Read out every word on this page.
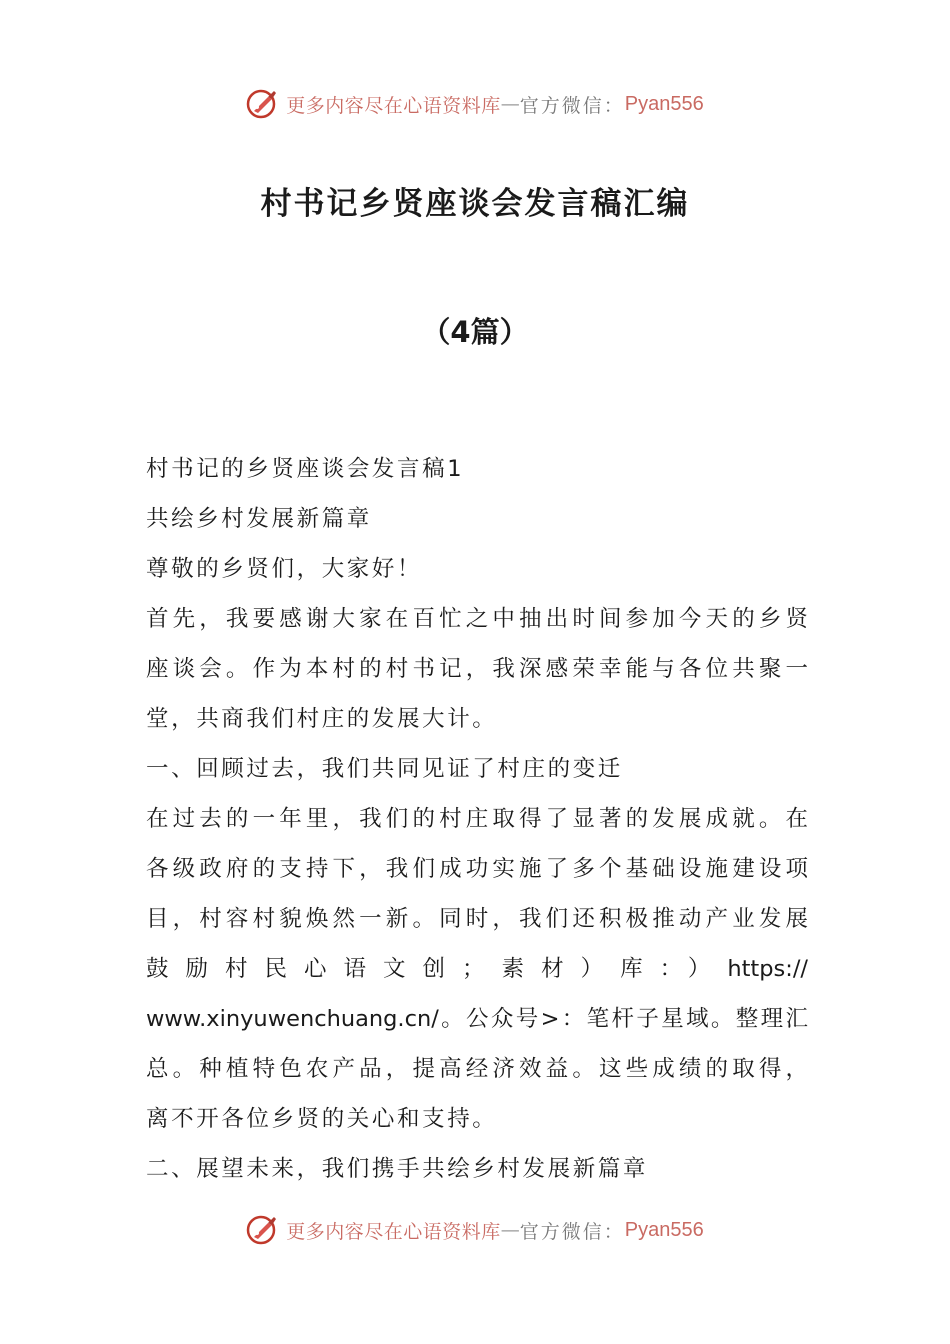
更多内容尽在心语资料库 — 官方微信： Pyan556
村书记乡贤座谈会发言稿汇编
（4篇）

村书记的乡贤座谈会发言稿1

共绘乡村发展新篇章

尊敬的乡贤们，大家好！

首先，我要感谢大家在百忙之中抽出时间参加今天的乡贤

座谈会。作为本村的村书记，我深感荣幸能与各位共聚一

堂，共商我们村庄的发展大计。

一、回顾过去，我们共同见证了村庄的变迁

在过去的一年里，我们的村庄取得了显著的发展成就。在

各级政府的支持下，我们成功实施了多个基础设施建设项

目，村容村貌焕然一新。同时，我们还积极推动产业发展

鼓励村民心语文创；素材）库：）https://

www.xinyuwenchuang.cn/。公众号>：笔杆子星域。整理汇

总。种植特色农产品，提高经济效益。这些成绩的取得，

离不开各位乡贤的关心和支持。

二、展望未来，我们携手共绘乡村发展新篇章

更多内容尽在心语资料库 — 官方微信： Pyan556
